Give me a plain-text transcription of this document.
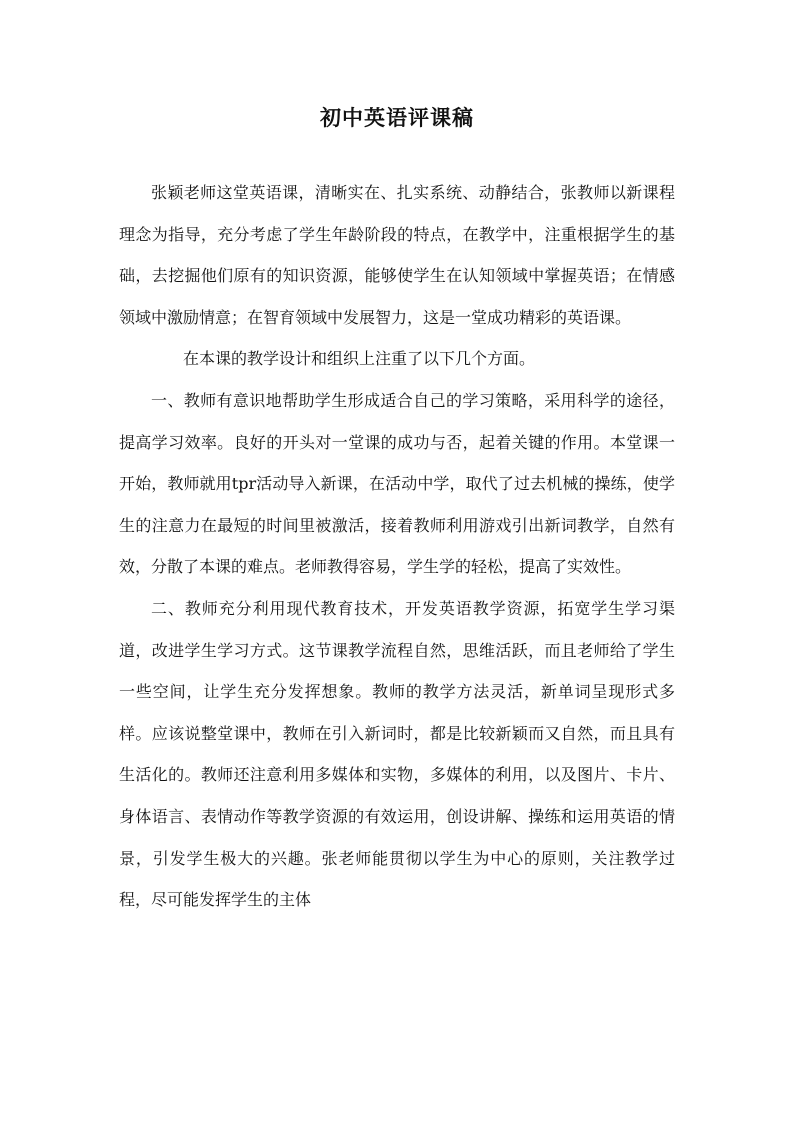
初中英语评课稿

张颖老师这堂英语课，清晰实在、扎实系统、动静结合，张教师以新课程理念为指导，充分考虑了学生年龄阶段的特点，在教学中，注重根据学生的基础，去挖掘他们原有的知识资源，能够使学生在认知领域中掌握英语；在情感领域中激励情意；在智育领域中发展智力，这是一堂成功精彩的英语课。

在本课的教学设计和组织上注重了以下几个方面。

一、教师有意识地帮助学生形成适合自己的学习策略，采用科学的途径，提高学习效率。良好的开头对一堂课的成功与否，起着关键的作用。本堂课一开始，教师就用tpr活动导入新课，在活动中学，取代了过去机械的操练，使学生的注意力在最短的时间里被激活，接着教师利用游戏引出新词教学，自然有效，分散了本课的难点。老师教得容易，学生学的轻松，提高了实效性。

二、教师充分利用现代教育技术，开发英语教学资源，拓宽学生学习渠道，改进学生学习方式。这节课教学流程自然，思维活跃，而且老师给了学生一些空间，让学生充分发挥想象。教师的教学方法灵活，新单词呈现形式多样。应该说整堂课中，教师在引入新词时，都是比较新颖而又自然，而且具有生活化的。教师还注意利用多媒体和实物，多媒体的利用，以及图片、卡片、身体语言、表情动作等教学资源的有效运用，创设讲解、操练和运用英语的情景，引发学生极大的兴趣。张老师能贯彻以学生为中心的原则，关注教学过程，尽可能发挥学生的主体
